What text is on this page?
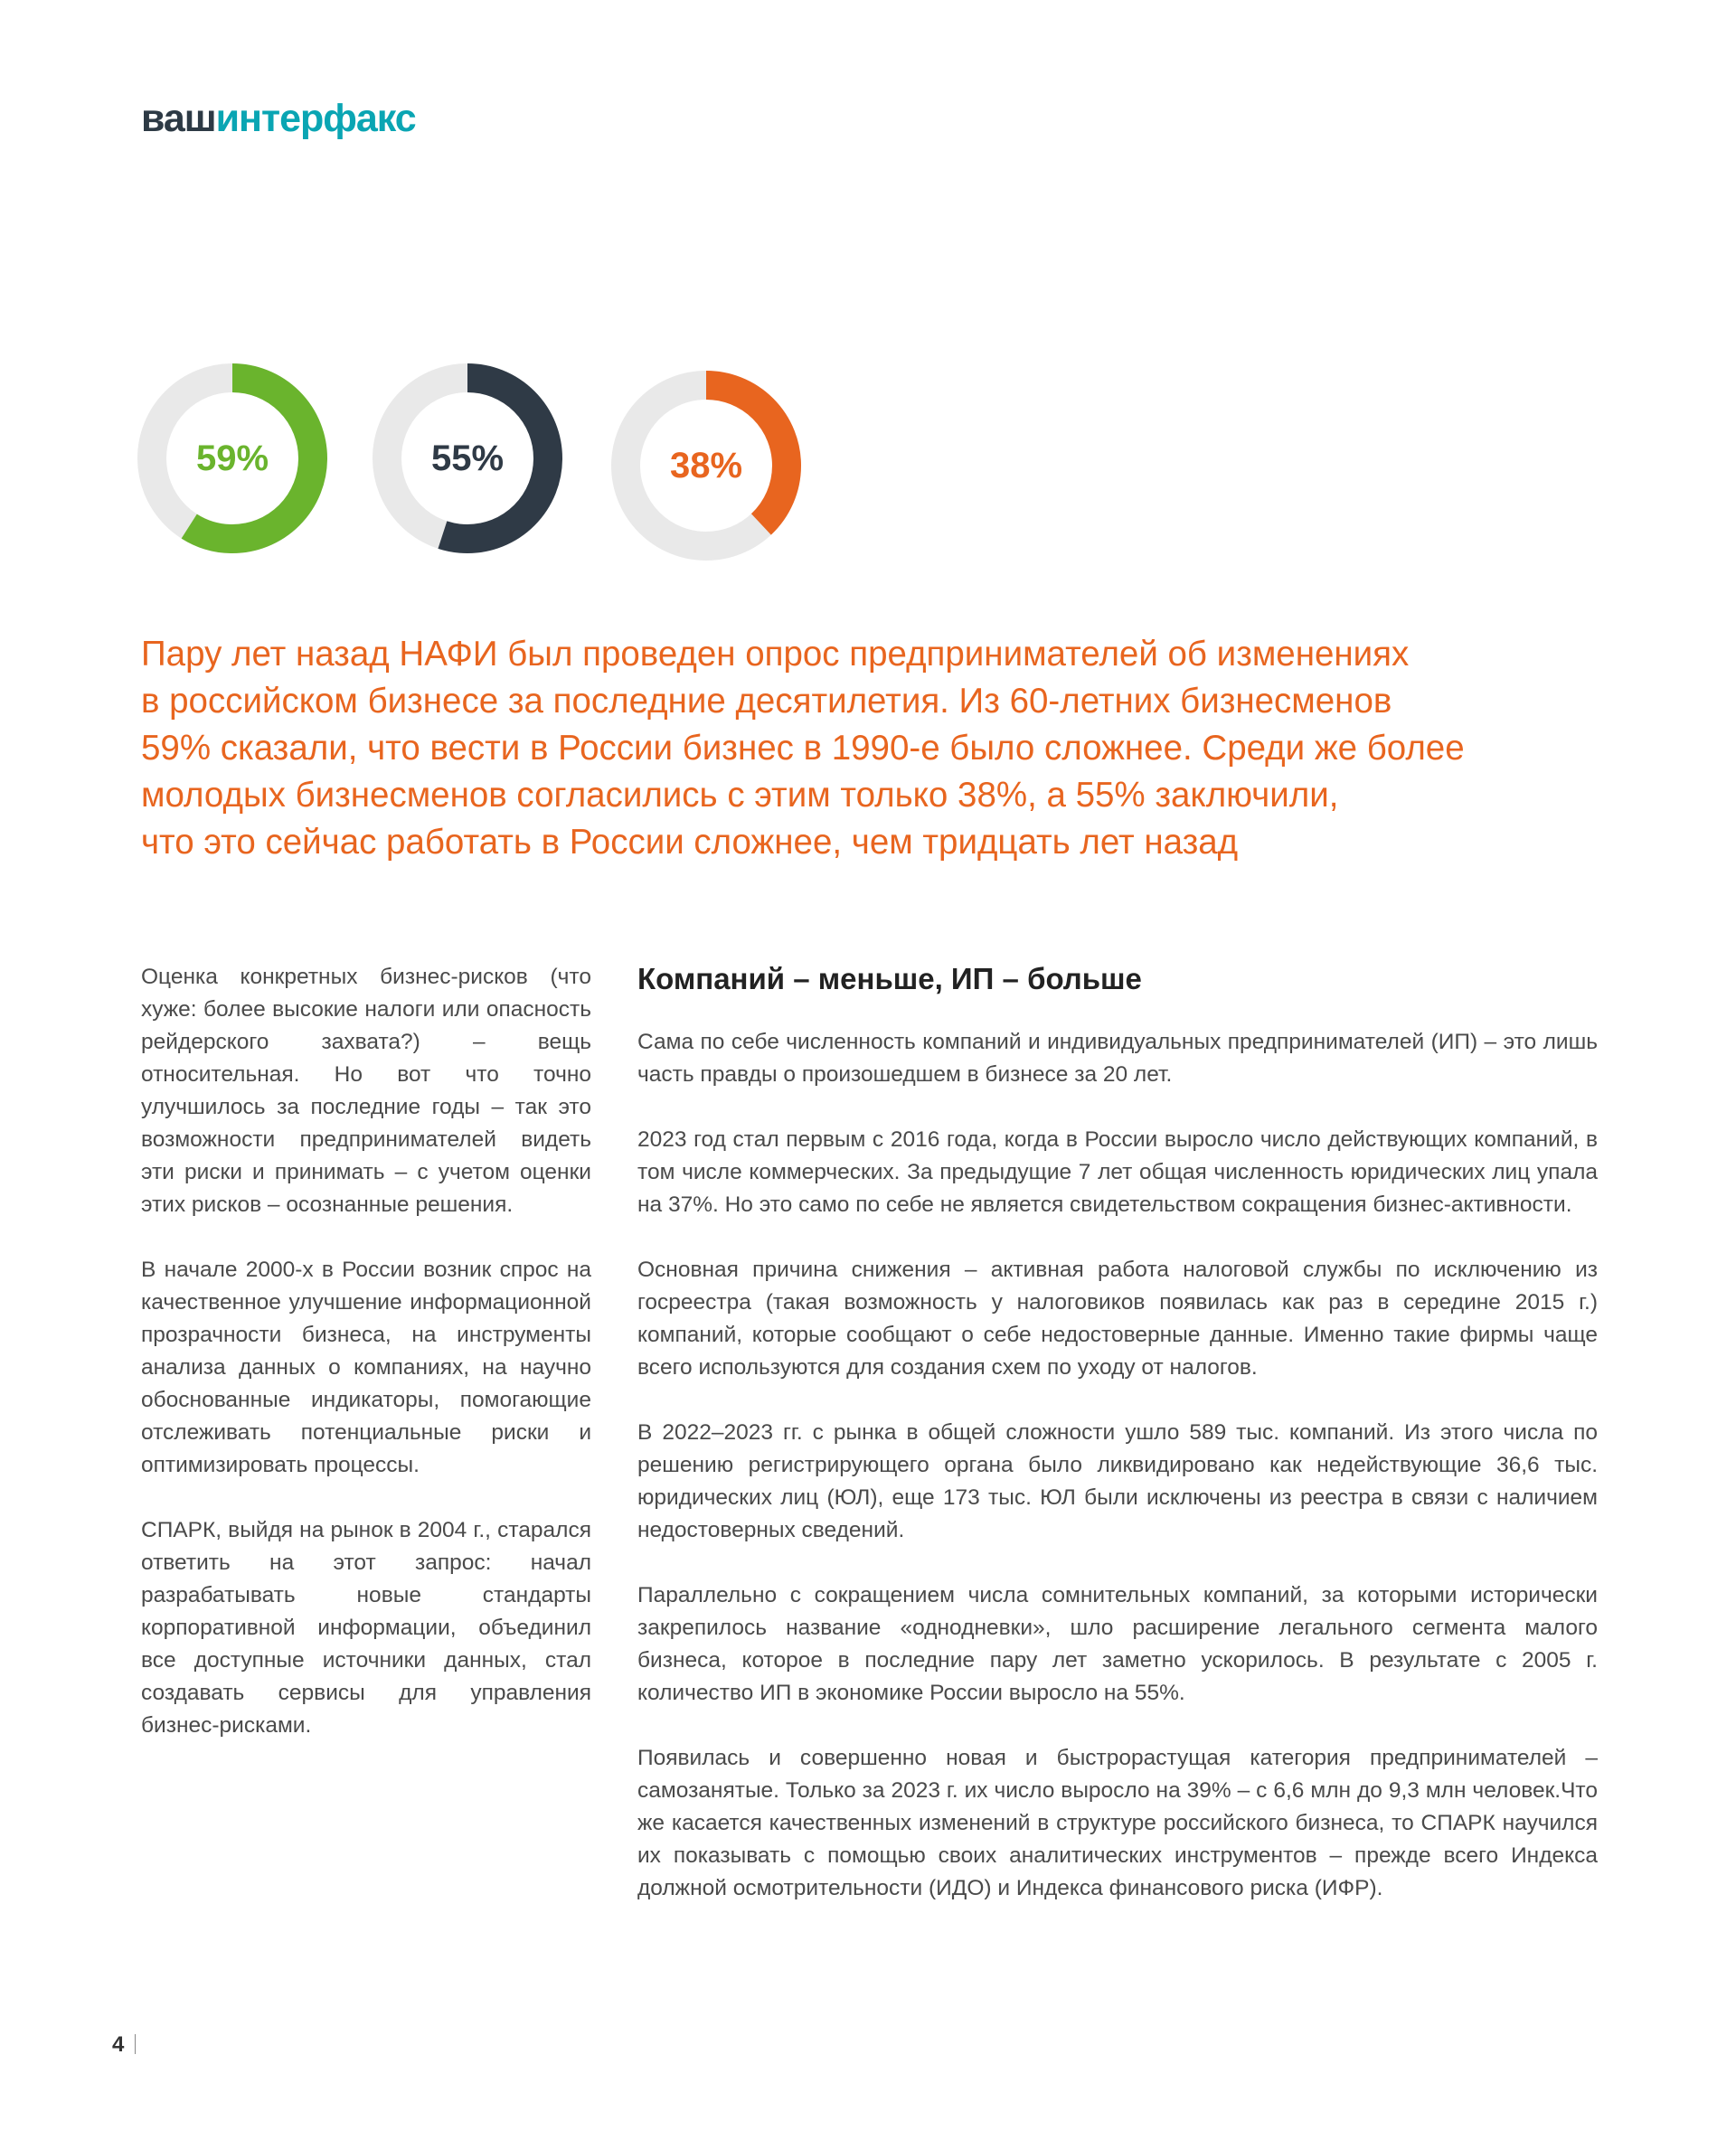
вашинтерфакс
59%	55%	38%
Пару лет назад НАФИ был проведен опрос предпринимателей об изменениях
в российском бизнесе за последние десятилетия. Из 60-летних бизнесменов
59% сказали, что вести в России бизнес в 1990-е было сложнее. Среди же более
молодых бизнесменов согласились с этим только 38%, а 55% заключили,
что это сейчас работать в России сложнее, чем тридцать лет назад

Оценка конкретных бизнес-рисков (что хуже: более высокие налоги или опасность рейдерского захвата?) – вещь относительная. Но вот что точно улучшилось за последние годы – так это возможности предпринимателей видеть эти риски и принимать – с учетом оценки этих рисков – осознанные решения.

В начале 2000-х в России возник спрос на качественное улучшение информационной прозрачности бизнеса, на инструменты анализа данных о компаниях, на научно обоснованные индикаторы, помогающие отслеживать потенциальные риски и оптимизировать процессы.

СПАРК, выйдя на рынок в 2004 г., старался ответить на этот запрос: начал разрабатывать новые стандарты корпоративной информации, объединил все доступные источники данных, стал создавать сервисы для управления бизнес-рисками.

Компаний – меньше, ИП – больше

Сама по себе численность компаний и индивидуальных предпринимателей (ИП) – это лишь часть правды о произошедшем в бизнесе за 20 лет.

2023 год стал первым с 2016 года, когда в России выросло число действующих компаний, в том числе коммерческих. За предыдущие 7 лет общая численность юридических лиц упала на 37%. Но это само по себе не является свидетельством сокращения бизнес-активности.

Основная причина снижения – активная работа налоговой службы по исключению из госреестра (такая возможность у налоговиков появилась как раз в середине 2015 г.) компаний, которые сообщают о себе недостоверные данные. Именно такие фирмы чаще всего используются для создания схем по уходу от налогов.

В 2022–2023 гг. с рынка в общей сложности ушло 589 тыс. компаний. Из этого числа по решению регистрирующего органа было ликвидировано как недействующие 36,6 тыс. юридических лиц (ЮЛ), еще 173 тыс. ЮЛ были исключены из реестра в связи с наличием недостоверных сведений.

Параллельно с сокращением числа сомнительных компаний, за которыми исторически закрепилось название «однодневки», шло расширение легального сегмента малого бизнеса, которое в последние пару лет заметно ускорилось. В результате с 2005 г. количество ИП в экономике России выросло на 55%.

Появилась и совершенно новая и быстрорастущая категория предпринимателей – самозанятые. Только за 2023 г. их число выросло на 39% – с 6,6 млн до 9,3 млн человек.Что же касается качественных изменений в структуре российского бизнеса, то СПАРК научился их показывать с помощью своих аналитических инструментов – прежде всего Индекса должной осмотрительности (ИДО) и Индекса финансового риска (ИФР).

4
